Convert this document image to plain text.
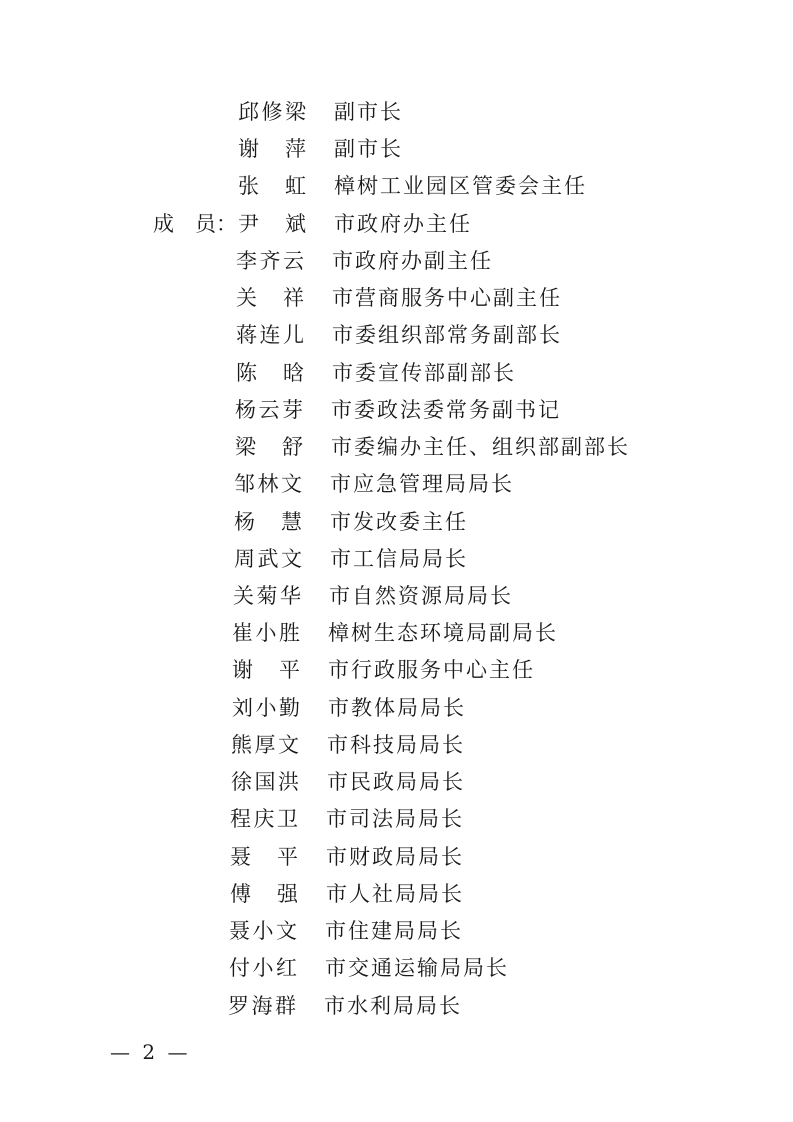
邱修梁 副市长
谢　萍 副市长
张　虹 樟树工业园区管委会主任
成　员： 尹　斌 市政府办主任
李齐云 市政府办副主任
关　祥 市营商服务中心副主任
蒋连儿 市委组织部常务副部长
陈　晗 市委宣传部副部长
杨云芽 市委政法委常务副书记
梁　舒 市委编办主任、组织部副部长
邹林文 市应急管理局局长
杨　慧 市发改委主任
周武文 市工信局局长
关菊华 市自然资源局局长
崔小胜 樟树生态环境局副局长
谢　平 市行政服务中心主任
刘小勤 市教体局局长
熊厚文 市科技局局长
徐国洪 市民政局局长
程庆卫 市司法局局长
聂　平 市财政局局长
傅　强 市人社局局长
聂小文 市住建局局长
付小红 市交通运输局局长
罗海群 市水利局局长
— 2 —
